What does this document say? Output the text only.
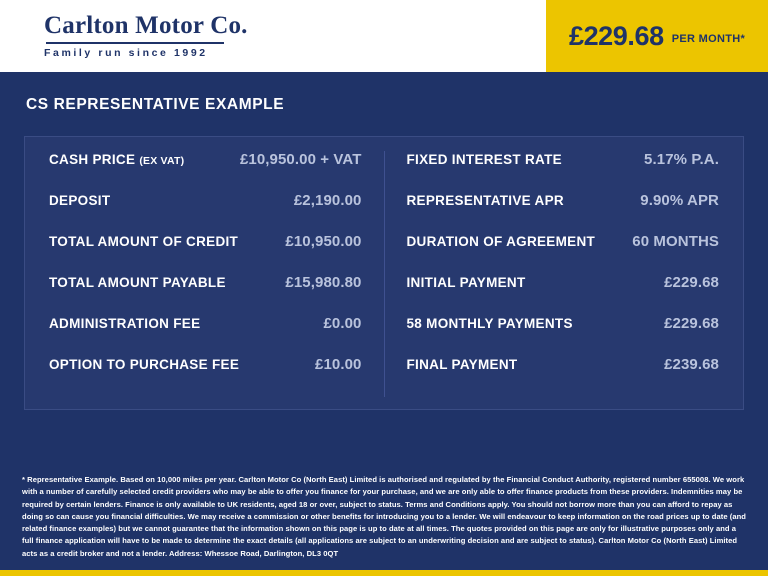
Carlton Motor Co.
Family run since 1992
£229.68 PER MONTH*
CS REPRESENTATIVE EXAMPLE
CASH PRICE (EX VAT)	£10,950.00 + VAT
DEPOSIT	£2,190.00
TOTAL AMOUNT OF CREDIT	£10,950.00
TOTAL AMOUNT PAYABLE	£15,980.80
ADMINISTRATION FEE	£0.00
OPTION TO PURCHASE FEE	£10.00
FIXED INTEREST RATE	5.17% P.A.
REPRESENTATIVE APR	9.90% APR
DURATION OF AGREEMENT 60 MONTHS
INITIAL PAYMENT	£229.68
58 MONTHLY PAYMENTS	£229.68
FINAL PAYMENT	£239.68

* Representative Example. Based on 10,000 miles per year. Carlton Motor Co (North East) Limited is authorised and regulated by the Financial Conduct Authority, registered number 655008. We work with a number of carefully selected credit providers who may be able to offer you finance for your purchase, and we are only able to offer finance products from these providers. Indemnities may be required by certain lenders. Finance is only available to UK residents, aged 18 or over, subject to status. Terms and Conditions apply. You should not borrow more than you can afford to repay as doing so can cause you financial difficulties. We may receive a commission or other benefits for introducing you to a lender. We will endeavour to keep information on the road prices up to date (and related finance examples) but we cannot guarantee that the information shown on this page is up to date at all times. The quotes provided on this page are only for illustrative purposes only and a full finance application will have to be made to determine the exact details (all applications are subject to an underwriting decision and are subject to status). Carlton Motor Co (North East) Limited acts as a credit broker and not a lender. Address: Whessoe Road, Darlington, DL3 0QT
